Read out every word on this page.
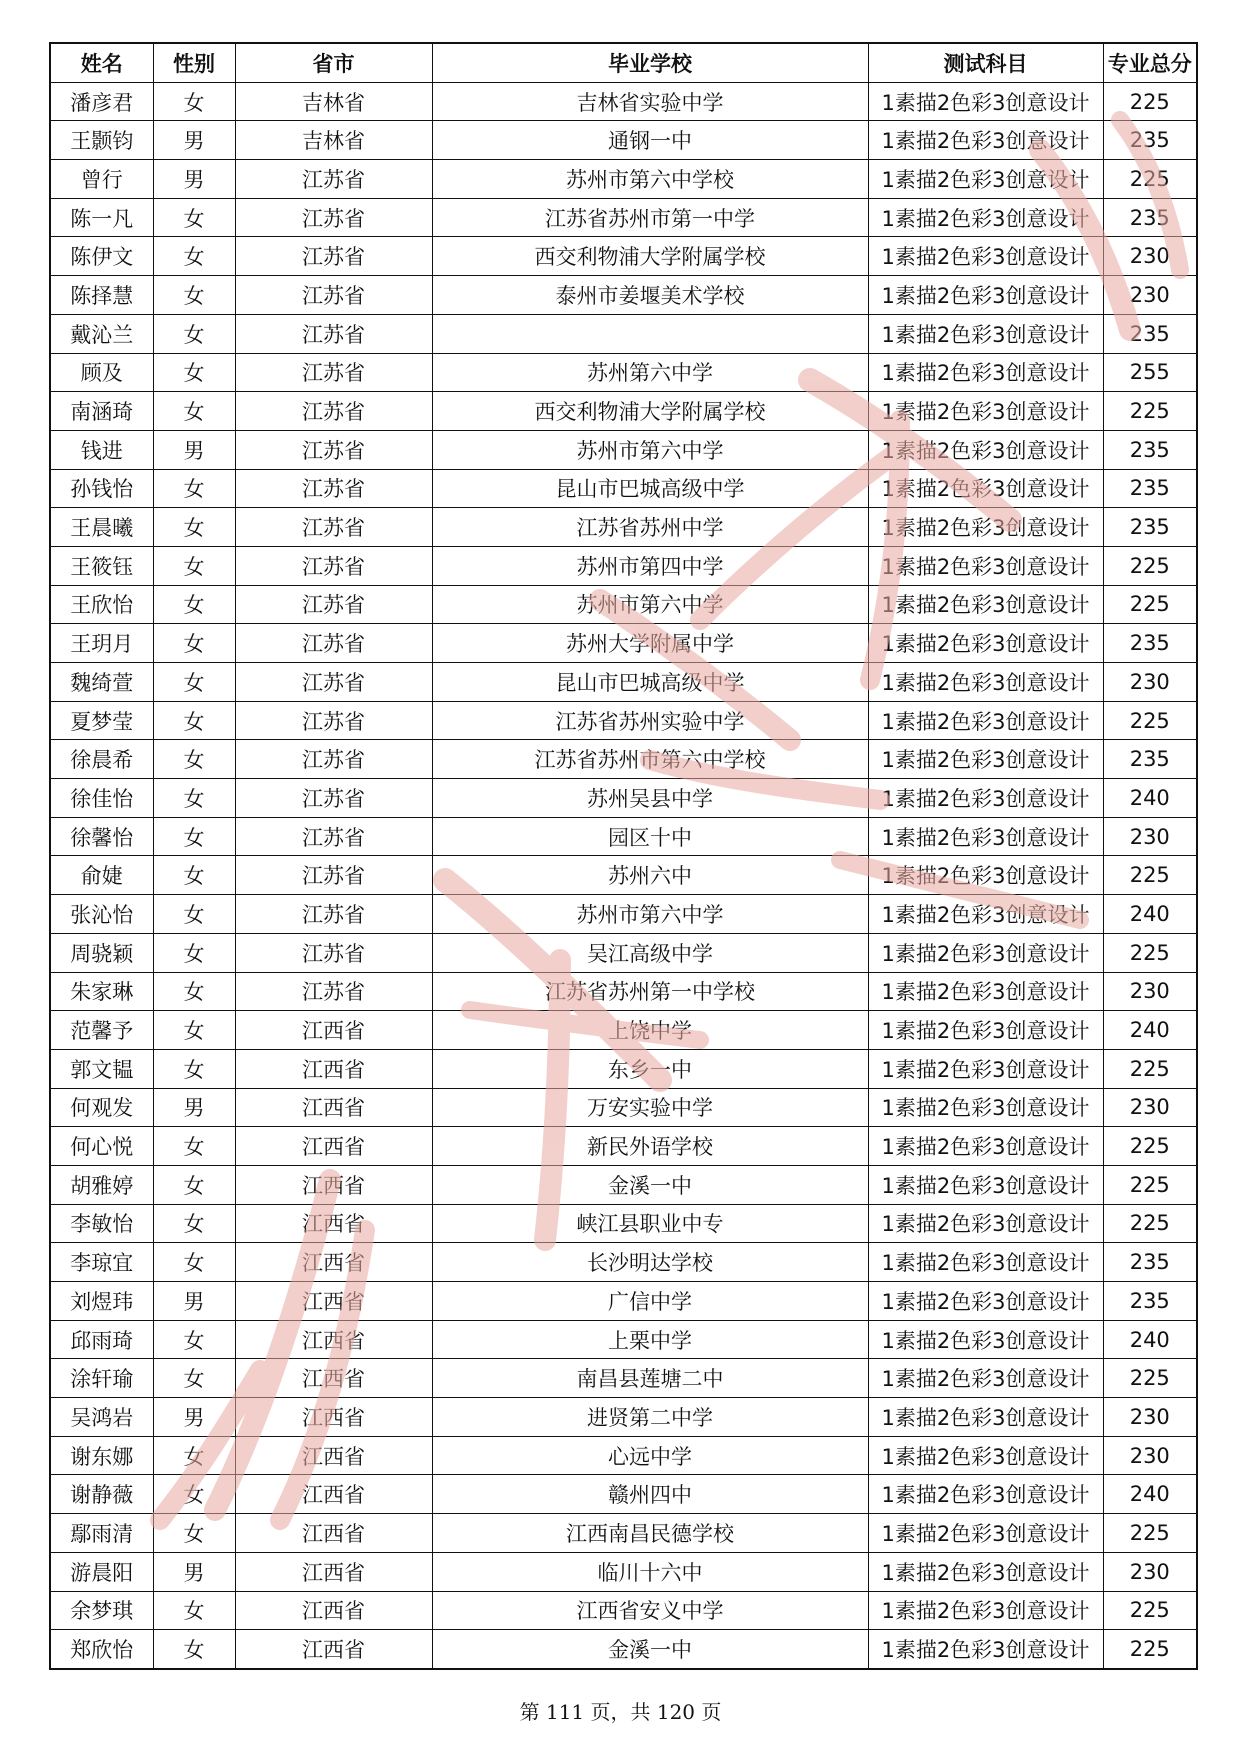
姓名	性别	省市	毕业学校	测试科目	专业总分
潘彦君	女	吉林省	吉林省实验中学	1素描2色彩3创意设计	225
王颢钧	男	吉林省	通钢一中	1素描2色彩3创意设计	235
曾行	男	江苏省	苏州市第六中学校	1素描2色彩3创意设计	225
陈一凡	女	江苏省	江苏省苏州市第一中学	1素描2色彩3创意设计	235
陈伊文	女	江苏省	西交利物浦大学附属学校	1素描2色彩3创意设计	230
陈择慧	女	江苏省	泰州市姜堰美术学校	1素描2色彩3创意设计	230
戴沁兰	女	江苏省		1素描2色彩3创意设计	235
顾及	女	江苏省	苏州第六中学	1素描2色彩3创意设计	255
南涵琦	女	江苏省	西交利物浦大学附属学校	1素描2色彩3创意设计	225
钱进	男	江苏省	苏州市第六中学	1素描2色彩3创意设计	235
孙钱怡	女	江苏省	昆山市巴城高级中学	1素描2色彩3创意设计	235
王晨曦	女	江苏省	江苏省苏州中学	1素描2色彩3创意设计	235
王筱钰	女	江苏省	苏州市第四中学	1素描2色彩3创意设计	225
王欣怡	女	江苏省	苏州市第六中学	1素描2色彩3创意设计	225
王玥月	女	江苏省	苏州大学附属中学	1素描2色彩3创意设计	235
魏绮萱	女	江苏省	昆山市巴城高级中学	1素描2色彩3创意设计	230
夏梦莹	女	江苏省	江苏省苏州实验中学	1素描2色彩3创意设计	225
徐晨希	女	江苏省	江苏省苏州市第六中学校	1素描2色彩3创意设计	235
徐佳怡	女	江苏省	苏州吴县中学	1素描2色彩3创意设计	240
徐馨怡	女	江苏省	园区十中	1素描2色彩3创意设计	230
俞婕	女	江苏省	苏州六中	1素描2色彩3创意设计	225
张沁怡	女	江苏省	苏州市第六中学	1素描2色彩3创意设计	240
周骁颖	女	江苏省	吴江高级中学	1素描2色彩3创意设计	225
朱家琳	女	江苏省	江苏省苏州第一中学校	1素描2色彩3创意设计	230
范馨予	女	江西省	上饶中学	1素描2色彩3创意设计	240
郭文韫	女	江西省	东乡一中	1素描2色彩3创意设计	225
何观发	男	江西省	万安实验中学	1素描2色彩3创意设计	230
何心悦	女	江西省	新民外语学校	1素描2色彩3创意设计	225
胡雅婷	女	江西省	金溪一中	1素描2色彩3创意设计	225
李敏怡	女	江西省	峡江县职业中专	1素描2色彩3创意设计	225
李琼宜	女	江西省	长沙明达学校	1素描2色彩3创意设计	235
刘煜玮	男	江西省	广信中学	1素描2色彩3创意设计	235
邱雨琦	女	江西省	上栗中学	1素描2色彩3创意设计	240
涂轩瑜	女	江西省	南昌县莲塘二中	1素描2色彩3创意设计	225
吴鸿岩	男	江西省	进贤第二中学	1素描2色彩3创意设计	230
谢东娜	女	江西省	心远中学	1素描2色彩3创意设计	230
谢静薇	女	江西省	赣州四中	1素描2色彩3创意设计	240
鄢雨清	女	江西省	江西南昌民德学校	1素描2色彩3创意设计	225
游晨阳	男	江西省	临川十六中	1素描2色彩3创意设计	230
余梦琪	女	江西省	江西省安义中学	1素描2色彩3创意设计	225
郑欣怡	女	江西省	金溪一中	1素描2色彩3创意设计	225
第 111 页，共 120 页
